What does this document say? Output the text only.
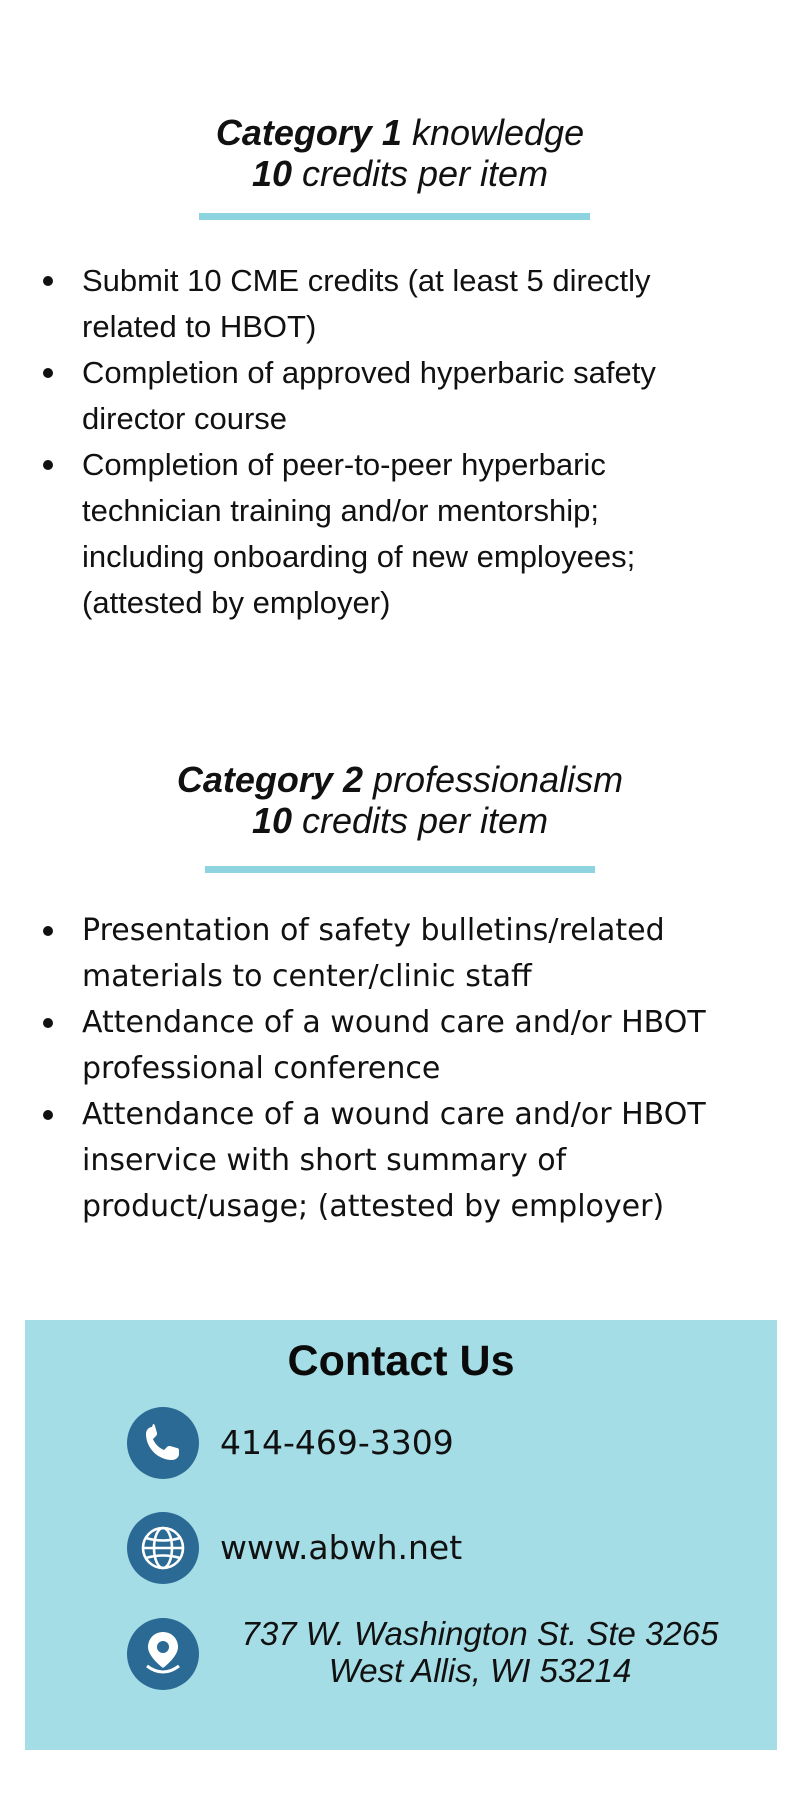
Category 1 knowledge
10 credits per item
Submit 10 CME credits (at least 5 directly related to HBOT)
Completion of approved hyperbaric safety director course
Completion of peer-to-peer hyperbaric technician training and/or mentorship; including onboarding of new employees; (attested by employer)
Category 2 professionalism
10 credits per item
Presentation of safety bulletins/related materials to center/clinic staff
Attendance of a wound care and/or HBOT professional conference
Attendance of a wound care and/or HBOT inservice with short summary of product/usage; (attested by employer)
Contact Us
414-469-3309
www.abwh.net
737 W. Washington St. Ste 3265
West Allis, WI 53214
